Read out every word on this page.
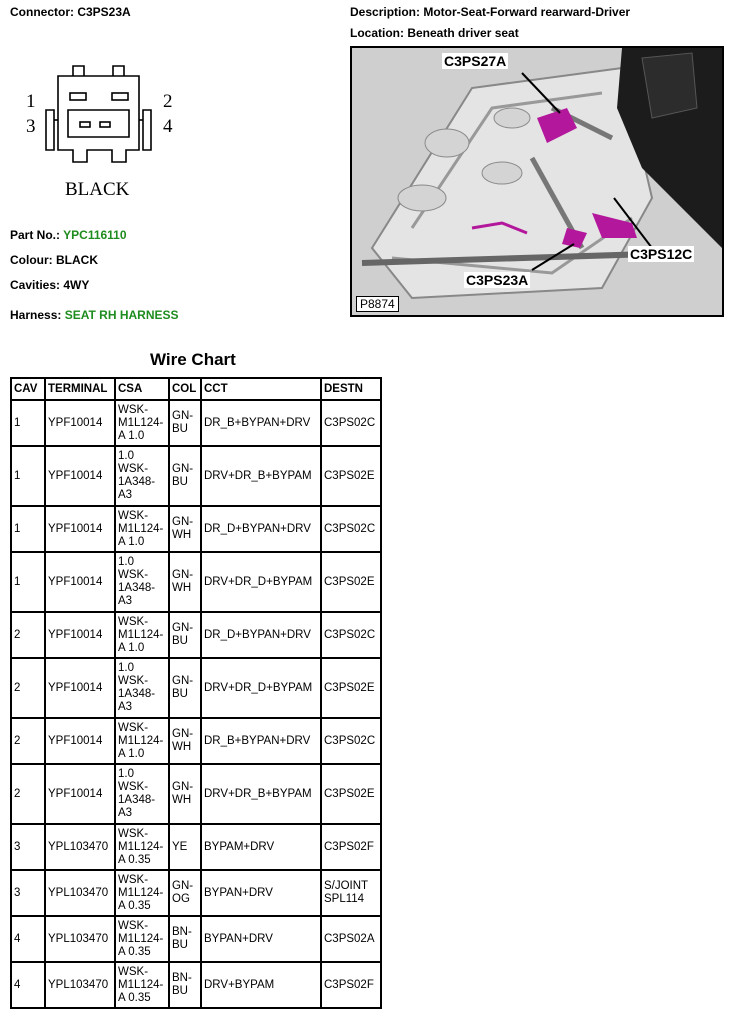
Connector: C3PS23A	Description: Motor-Seat-Forward rearward-Driver
Location: Beneath driver seat
1	2
3	4
BLACK
Part No.: YPC116110
Colour: BLACK
Cavities: 4WY
Harness: SEAT RH HARNESS
C3PS27A
C3PS12C
C3PS23A
P8874
Wire Chart
CAV	TERMINAL	CSA	COL	CCT	DESTN
1	YPF10014	WSK-
M1L124-
A 1.0	GN-
BU	DR_B+BYPAN+DRV	C3PS02C
1	YPF10014	1.0
WSK-
1A348-
A3	GN-
BU	DRV+DR_B+BYPAM	C3PS02E
1	YPF10014	WSK-
M1L124-
A 1.0	GN-
WH	DR_D+BYPAN+DRV	C3PS02C
1	YPF10014	1.0
WSK-
1A348-
A3	GN-
WH	DRV+DR_D+BYPAM	C3PS02E
2	YPF10014	WSK-
M1L124-
A 1.0	GN-
BU	DR_D+BYPAN+DRV	C3PS02C
2	YPF10014	1.0
WSK-
1A348-
A3	GN-
BU	DRV+DR_D+BYPAM	C3PS02E
2	YPF10014	WSK-
M1L124-
A 1.0	GN-
WH	DR_B+BYPAN+DRV	C3PS02C
2	YPF10014	1.0
WSK-
1A348-
A3	GN-
WH	DRV+DR_B+BYPAM	C3PS02E
3	YPL103470	WSK-
M1L124-
A 0.35	YE	BYPAM+DRV	C3PS02F
3	YPL103470	WSK-
M1L124-
A 0.35	GN-
OG	BYPAN+DRV	S/JOINT
SPL114
4	YPL103470	WSK-
M1L124-
A 0.35	BN-
BU	BYPAN+DRV	C3PS02A
4	YPL103470	WSK-
M1L124-
A 0.35	BN-
BU	DRV+BYPAM	C3PS02F
